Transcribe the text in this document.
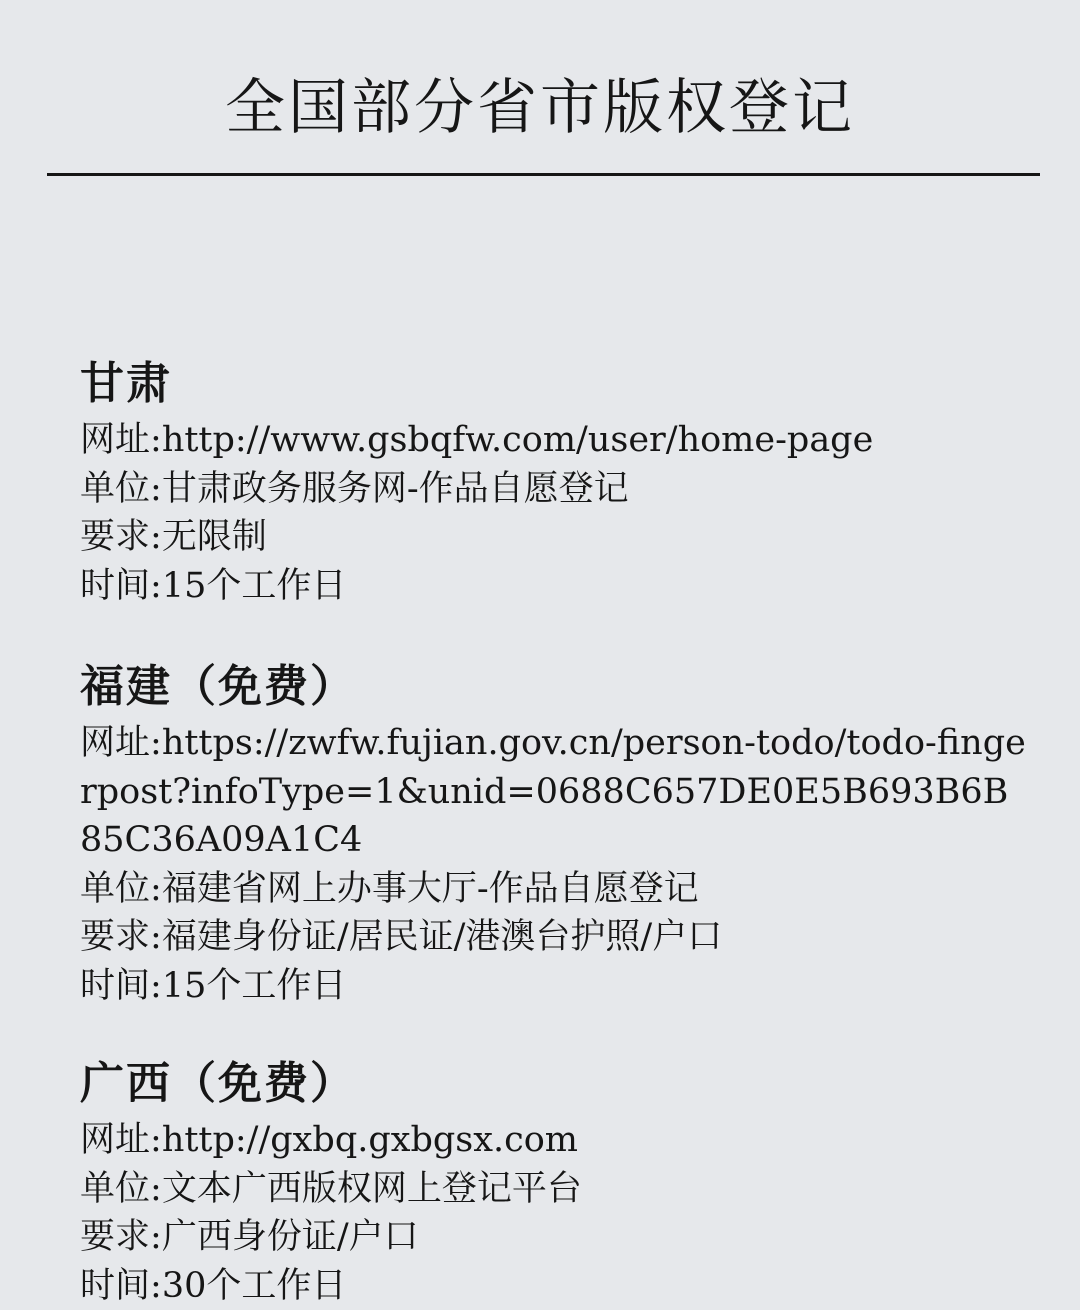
全国部分省市版权登记
甘肃
网址:http://www.gsbqfw.com/user/home-page
单位:甘肃政务服务网-作品自愿登记
要求:无限制
时间:15个工作日
福建（免费）
网址:https://zwfw.fujian.gov.cn/person-todo/todo-fingerpost?infoType=1&unid=0688C657DE0E5B693B6B85C36A09A1C4
单位:福建省网上办事大厅-作品自愿登记
要求:福建身份证/居民证/港澳台护照/户口
时间:15个工作日
广西（免费）
网址:http://gxbq.gxbgsx.com
单位:文本广西版权网上登记平台
要求:广西身份证/户口
时间:30个工作日
